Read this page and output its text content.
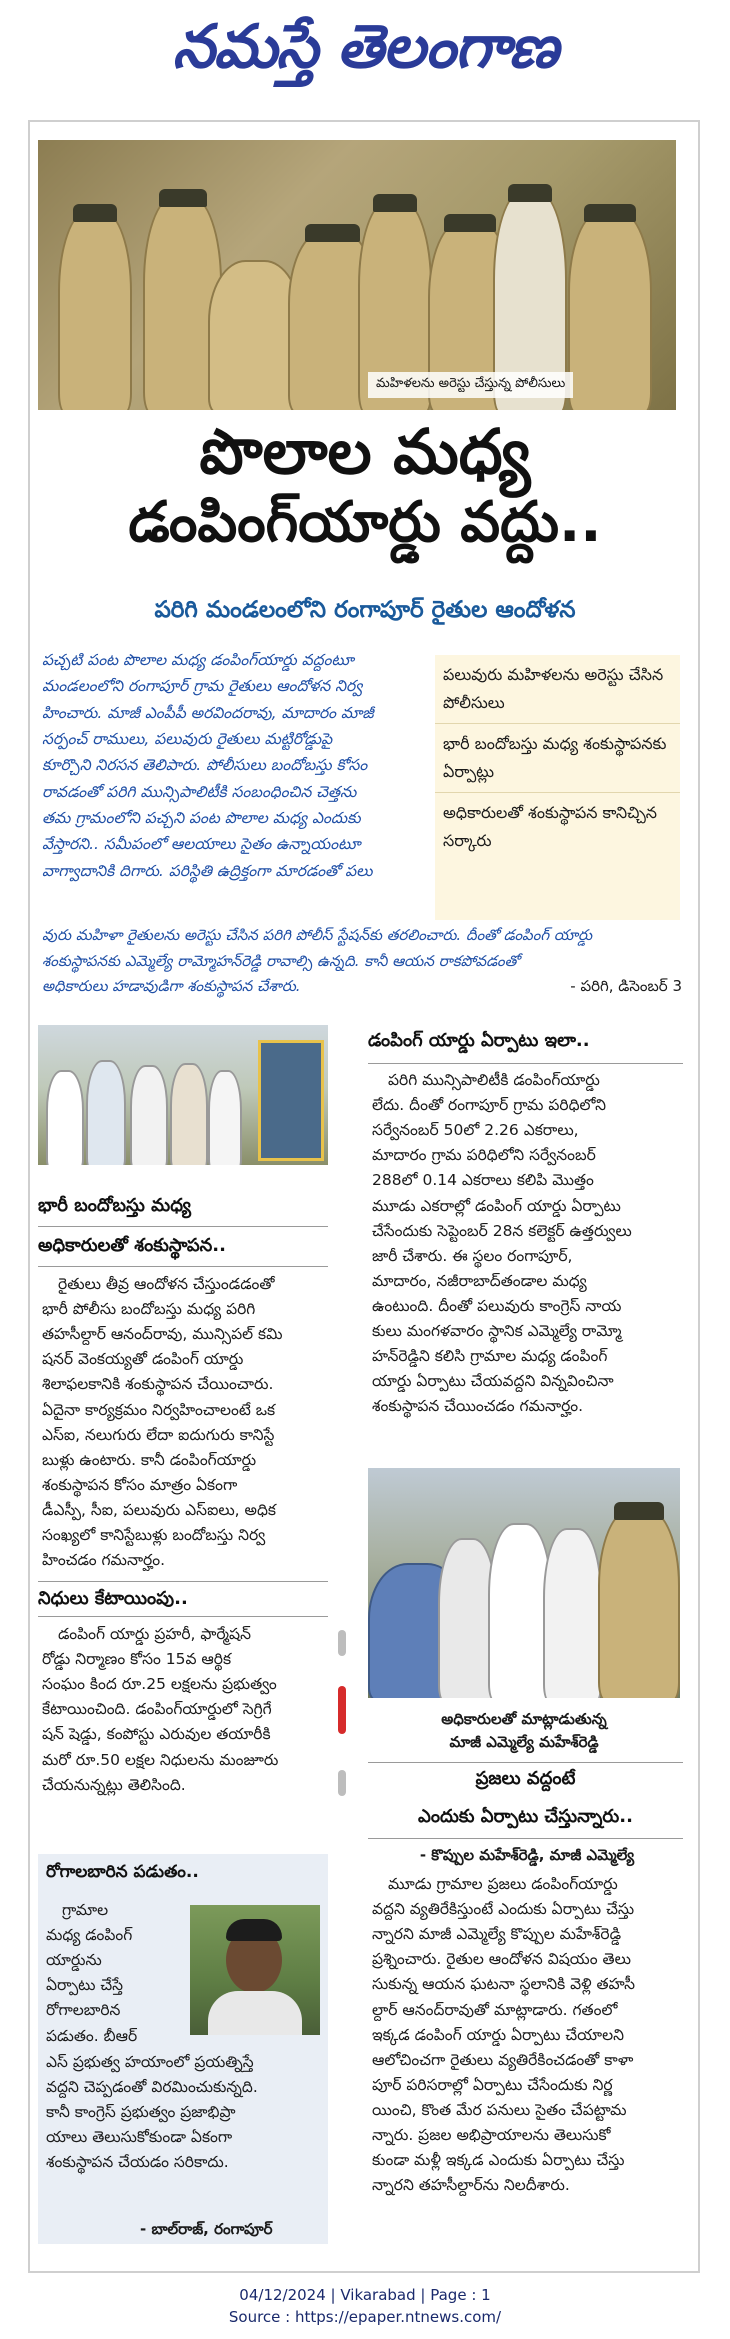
నమస్తే తెలంగాణ
మహిళలను అరెస్టు చేస్తున్న పోలీసులు
పొలాల మధ్య
డంపింగ్‌యార్డు వద్దు..
పరిగి మండలంలోని రంగాపూర్‌ రైతుల ఆందోళన
పచ్చటి పంట పొలాల మధ్య డంపింగ్‌యార్డు వద్దంటూ
మండలంలోని రంగాపూర్‌ గ్రామ రైతులు ఆందోళన నిర్వ
హించారు. మాజీ ఎంపీపీ అరవిందరావు, మాదారం మాజీ
సర్పంచ్‌ రాములు, పలువురు రైతులు మట్టిరోడ్డుపై
కూర్చొని నిరసన తెలిపారు. పోలీసులు బందోబస్తు కోసం
రావడంతో పరిగి మున్సిపాలిటీకి సంబంధించిన చెత్తను
తమ గ్రామంలోని పచ్చని పంట పొలాల మధ్య ఎందుకు
వేస్తారని.. సమీపంలో ఆలయాలు సైతం ఉన్నాయంటూ
వాగ్వాదానికి దిగారు. పరిస్థితి ఉద్రిక్తంగా మారడంతో పలు
పలువురు మహిళలను అరెస్టు చేసిన పోలీసులు
భారీ బందోబస్తు మధ్య శంకుస్థాపనకు ఏర్పాట్లు
అధికారులతో శంకుస్థాపన కానిచ్చిన సర్కారు
వురు మహిళా రైతులను అరెస్టు చేసిన పరిగి పోలీస్‌ స్టేషన్‌కు తరలించారు. దీంతో డంపింగ్‌ యార్డు
శంకుస్థాపనకు ఎమ్మెల్యే రామ్మోహన్‌రెడ్డి రావాల్సి ఉన్నది. కానీ ఆయన రాకపోవడంతో
అధికారులు హడావుడిగా శంకుస్థాపన చేశారు.	- పరిగి, డిసెంబర్‌ 3
భారీ బందోబస్తు మధ్య
అధికారులతో శంకుస్థాపన..
రైతులు తీవ్ర ఆందోళన చేస్తుండడంతో
భారీ పోలీసు బందోబస్తు మధ్య పరిగి
తహసీల్దార్‌ ఆనంద్‌రావు, మున్సిపల్‌ కమి
షనర్‌ వెంకయ్యతో డంపింగ్‌ యార్డు
శిలాఫలకానికి శంకుస్థాపన చేయించారు.
ఏదైనా కార్యక్రమం నిర్వహించాలంటే ఒక
ఎస్‌ఐ, నలుగురు లేదా ఐదుగురు కానిస్టే
బుళ్లు ఉంటారు. కానీ డంపింగ్‌యార్డు
శంకుస్థాపన కోసం మాత్రం ఏకంగా
డీఎస్పీ, సీఐ, పలువురు ఎస్‌ఐలు, అధిక
సంఖ్యలో కానిస్టేబుళ్లు బందోబస్తు నిర్వ
హించడం గమనార్హం.
నిధులు కేటాయింపు..
డంపింగ్‌ యార్డు ప్రహరీ, ఫార్మేషన్‌
రోడ్డు నిర్మాణం కోసం 15వ ఆర్థిక
సంఘం కింద రూ.25 లక్షలను ప్రభుత్వం
కేటాయించింది. డంపింగ్‌యార్డులో సెగ్రిగే
షన్‌ షెడ్డు, కంపోస్టు ఎరువుల తయారీకి
మరో రూ.50 లక్షల నిధులను మంజూరు
చేయనున్నట్లు తెలిసింది.
రోగాలబారిన పడుతం..
గ్రామాల
మధ్య డంపింగ్‌
యార్డును
ఏర్పాటు చేస్తే
రోగాలబారిన
పడుతం. బీఆర్‌
ఎస్‌ ప్రభుత్వ హయాంలో ప్రయత్నిస్తే
వద్దని చెప్పడంతో విరమించుకున్నది.
కానీ కాంగ్రెస్‌ ప్రభుత్వం ప్రజాభిప్రా
యాలు తెలుసుకోకుండా ఏకంగా
శంకుస్థాపన చేయడం సరికాదు.
- బాల్‌రాజ్‌, రంగాపూర్‌
డంపింగ్‌ యార్డు ఏర్పాటు ఇలా..
పరిగి మున్సిపాలిటీకి డంపింగ్‌యార్డు
లేదు. దీంతో రంగాపూర్‌ గ్రామ పరిధిలోని
సర్వేనంబర్‌ 50లో 2.26 ఎకరాలు,
మాదారం గ్రామ పరిధిలోని సర్వేనంబర్‌
288లో 0.14 ఎకరాలు కలిపి మొత్తం
మూడు ఎకరాల్లో డంపింగ్‌ యార్డు ఏర్పాటు
చేసేందుకు సెప్టెంబర్‌ 28న కలెక్టర్‌ ఉత్తర్వులు
జారీ చేశారు. ఈ స్థలం రంగాపూర్‌,
మాదారం, నజీరాబాద్‌తండాల మధ్య
ఉంటుంది. దీంతో పలువురు కాంగ్రెస్‌ నాయ
కులు మంగళవారం స్థానిక ఎమ్మెల్యే రామ్మో
హన్‌రెడ్డిని కలిసి గ్రామాల మధ్య డంపింగ్‌
యార్డు ఏర్పాటు చేయవద్దని విన్నవించినా
శంకుస్థాపన చేయించడం గమనార్హం.
అధికారులతో మాట్లాడుతున్న
మాజీ ఎమ్మెల్యే మహేశ్‌రెడ్డి
ప్రజలు వద్దంటే
ఎందుకు ఏర్పాటు చేస్తున్నారు..
- కొప్పుల మహేశ్‌రెడ్డి, మాజీ ఎమ్మెల్యే
మూడు గ్రామాల ప్రజలు డంపింగ్‌యార్డు
వద్దని వ్యతిరేకిస్తుంటే ఎందుకు ఏర్పాటు చేస్తు
న్నారని మాజీ ఎమ్మెల్యే కొప్పుల మహేశ్‌రెడ్డి
ప్రశ్నించారు. రైతుల ఆందోళన విషయం తెలు
సుకున్న ఆయన ఘటనా స్థలానికి వెళ్లి తహసీ
ల్దార్‌ ఆనంద్‌రావుతో మాట్లాడారు. గతంలో
ఇక్కడ డంపింగ్‌ యార్డు ఏర్పాటు చేయాలని
ఆలోచించగా రైతులు వ్యతిరేకించడంతో కాళా
పూర్‌ పరిసరాల్లో ఏర్పాటు చేసేందుకు నిర్ణ
యించి, కొంత మేర పనులు సైతం చేపట్టామ
న్నారు. ప్రజల అభిప్రాయాలను తెలుసుకో
కుండా మళ్లీ ఇక్కడ ఎందుకు ఏర్పాటు చేస్తు
న్నారని తహసీల్దార్‌ను నిలదీశారు.
04/12/2024 | Vikarabad | Page : 1
Source : https://epaper.ntnews.com/
